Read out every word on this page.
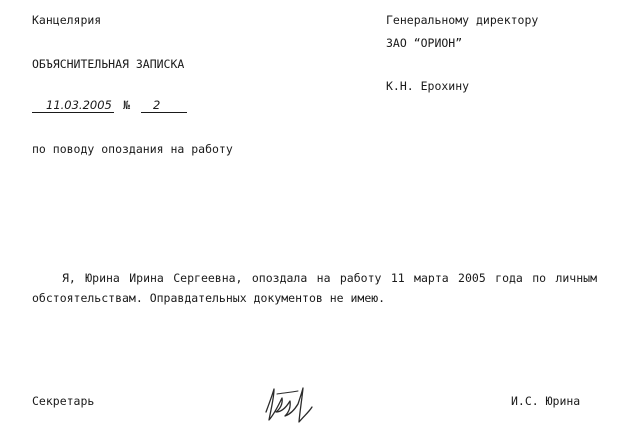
Канцелярия	Генеральному директору
ЗАО “ОРИОН”
К.Н. Ерохину
ОБЪЯСНИТЕЛЬНАЯ ЗАПИСКА
11.03.2005 № 2
по поводу опоздания на работу
Я, Юрина Ирина Сергеевна, опоздала на работу 11 марта 2005 года по личным обстоятельствам. Оправдательных документов не имею.
Секретарь	И.С. Юрина
